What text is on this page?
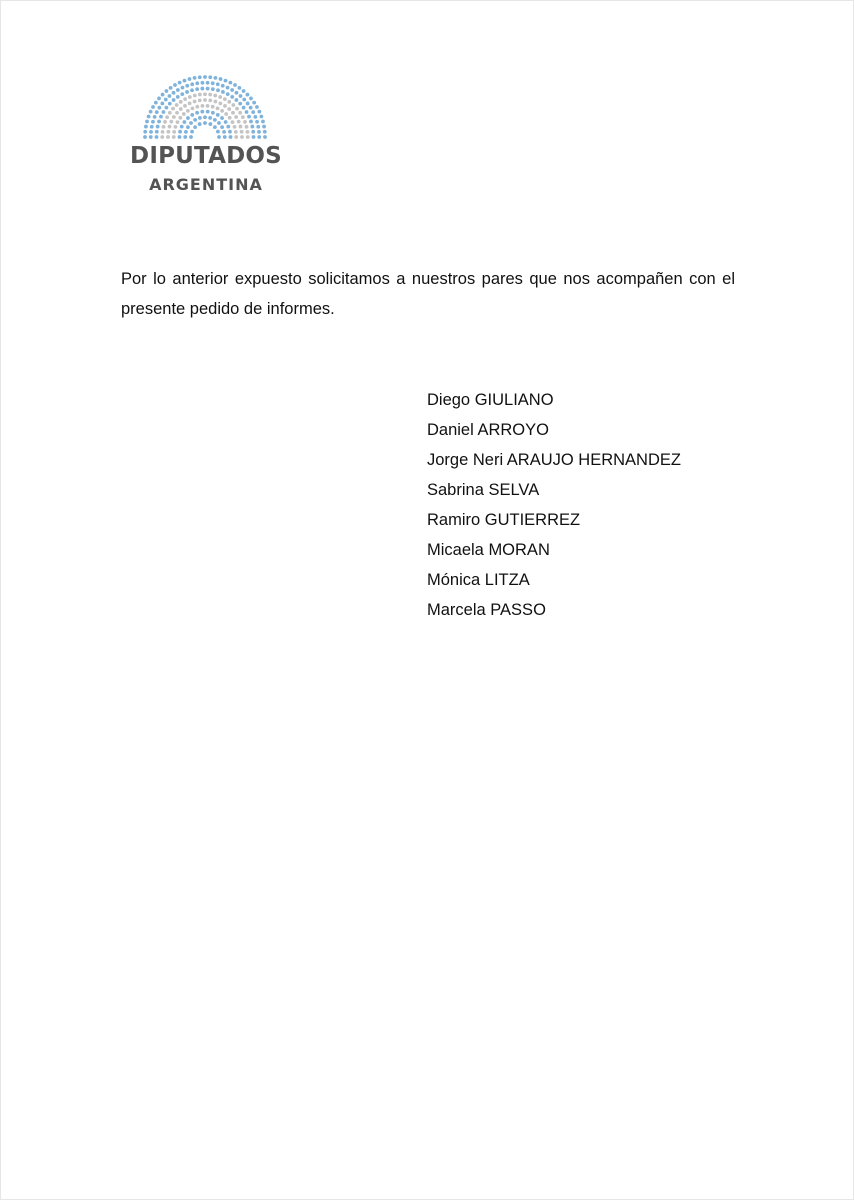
DIPUTADOS
ARGENTINA

Por lo anterior expuesto solicitamos a nuestros pares que nos acompañen con el presente pedido de informes.

Diego GIULIANO
Daniel ARROYO
Jorge Neri ARAUJO HERNANDEZ
Sabrina SELVA
Ramiro GUTIERREZ
Micaela MORAN
Mónica LITZA
Marcela PASSO
